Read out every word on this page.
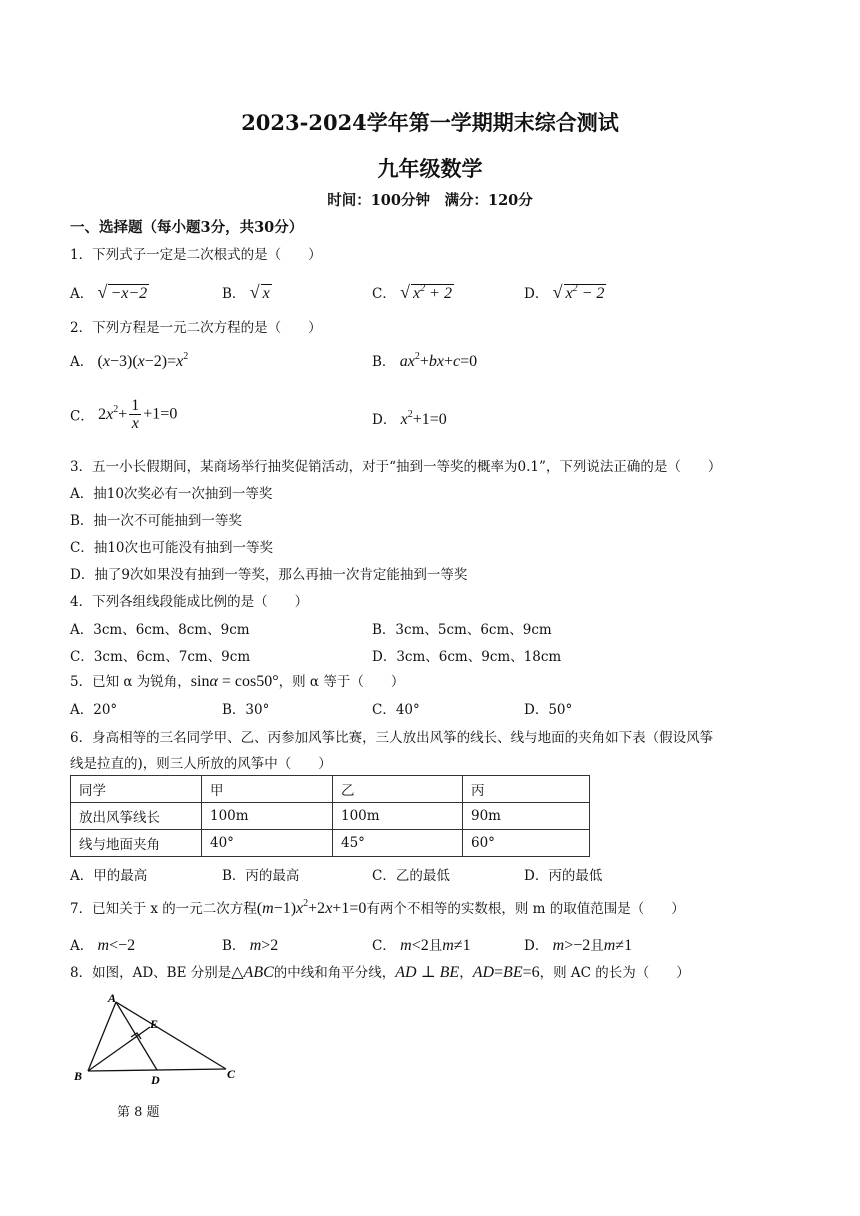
2023-2024学年第一学期期末综合测试
九年级数学
时间：100分钟　满分：120分
一、选择题（每小题3分，共30分）
1．下列式子一定是二次根式的是（　　）
A． √ −x−2	B． √ x	C． √ $x^2 + 2$	D． √ $x^2 - 2$
2．下列方程是一元二次方程的是（　　）
A． $(x-3)(x-2)=x^2$	B． $ax^2+bx+c=0$
C． $2x^2+ \frac{1}{x} +1=0$	D． $x^2+1=0$
3．五一小长假期间，某商场举行抽奖促销活动，对于“抽到一等奖的概率为0.1”，下列说法正确的是（　　）
A．抽10次奖必有一次抽到一等奖
B．抽一次不可能抽到一等奖
C．抽10次也可能没有抽到一等奖
D．抽了9次如果没有抽到一等奖，那么再抽一次肯定能抽到一等奖
4．下列各组线段能成比例的是（　　）
A．3cm、6cm、8cm、9cm	B．3cm、5cm、6cm、9cm
C．3cm、6cm、7cm、9cm	D．3cm、6cm、9cm、18cm
5．已知 α 为锐角，sinα = cos50°，则 α 等于（　　）
A．20°	B．30°	C．40°	D．50°
6．身高相等的三名同学甲、乙、丙参加风筝比赛，三人放出风筝的线长、线与地面的夹角如下表（假设风筝
线是拉直的)，则三人所放的风筝中（　　）
同学	甲	乙	丙
放出风筝线长	100m	100m	90m
线与地面夹角	40°	45°	60°
A．甲的最高	B．丙的最高	C．乙的最低	D．丙的最低
7．已知关于 x 的一元二次方程$(m-1)x^2+2x+1=0$有两个不相等的实数根，则 m 的取值范围是（　　）
A． m<−2	B． m>2	C． m<2且m≠1	D． m>−2且m≠1
8．如图，AD、BE 分别是△ABC的中线和角平分线，AD ⊥ BE，AD=BE=6，则 AC 的长为（　　）
A
B	C
D
E
第 8 题
